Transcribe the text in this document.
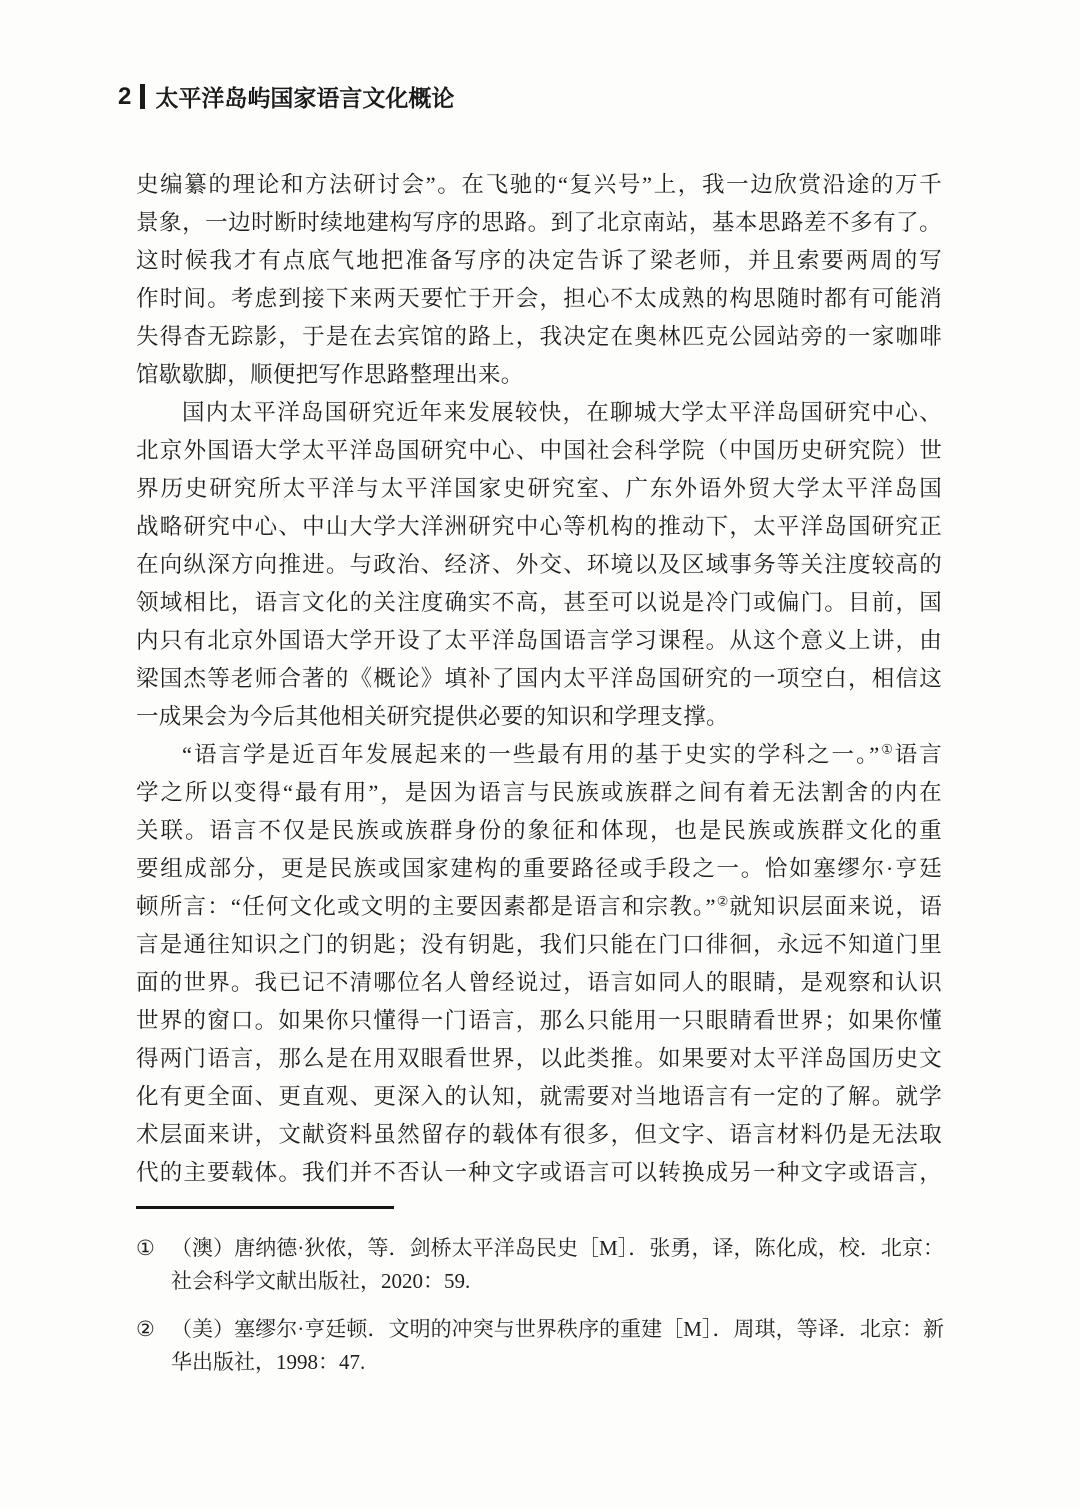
2 太平洋岛屿国家语言文化概论
史编纂的理论和方法研讨会”。在飞驰的“复兴号”上，我一边欣赏沿途的万千
景象，一边时断时续地建构写序的思路。到了北京南站，基本思路差不多有了。
这时候我才有点底气地把准备写序的决定告诉了梁老师，并且索要两周的写
作时间。考虑到接下来两天要忙于开会，担心不太成熟的构思随时都有可能消
失得杳无踪影，于是在去宾馆的路上，我决定在奥林匹克公园站旁的一家咖啡
馆歇歇脚，顺便把写作思路整理出来。
国内太平洋岛国研究近年来发展较快，在聊城大学太平洋岛国研究中心、
北京外国语大学太平洋岛国研究中心、中国社会科学院（中国历史研究院）世
界历史研究所太平洋与太平洋国家史研究室、广东外语外贸大学太平洋岛国
战略研究中心、中山大学大洋洲研究中心等机构的推动下，太平洋岛国研究正
在向纵深方向推进。与政治、经济、外交、环境以及区域事务等关注度较高的
领域相比，语言文化的关注度确实不高，甚至可以说是冷门或偏门。目前，国
内只有北京外国语大学开设了太平洋岛国语言学习课程。从这个意义上讲，由
梁国杰等老师合著的《概论》填补了国内太平洋岛国研究的一项空白，相信这
一成果会为今后其他相关研究提供必要的知识和学理支撑。
“语言学是近百年发展起来的一些最有用的基于史实的学科之一。”①语言
学之所以变得“最有用”，是因为语言与民族或族群之间有着无法割舍的内在
关联。语言不仅是民族或族群身份的象征和体现，也是民族或族群文化的重
要组成部分，更是民族或国家建构的重要路径或手段之一。恰如塞缪尔·亨廷
顿所言：“任何文化或文明的主要因素都是语言和宗教。”②就知识层面来说，语
言是通往知识之门的钥匙；没有钥匙，我们只能在门口徘徊，永远不知道门里
面的世界。我已记不清哪位名人曾经说过，语言如同人的眼睛，是观察和认识
世界的窗口。如果你只懂得一门语言，那么只能用一只眼睛看世界；如果你懂
得两门语言，那么是在用双眼看世界，以此类推。如果要对太平洋岛国历史文
化有更全面、更直观、更深入的认知，就需要对当地语言有一定的了解。就学
术层面来讲，文献资料虽然留存的载体有很多，但文字、语言材料仍是无法取
代的主要载体。我们并不否认一种文字或语言可以转换成另一种文字或语言，
① （澳）唐纳德·狄侬，等．剑桥太平洋岛民史［M］．张勇，译，陈化成，校．北京：社会科学文献出版社，2020：59.
② （美）塞缪尔·亨廷顿．文明的冲突与世界秩序的重建［M］．周琪，等译．北京：新华出版社，1998：47.
